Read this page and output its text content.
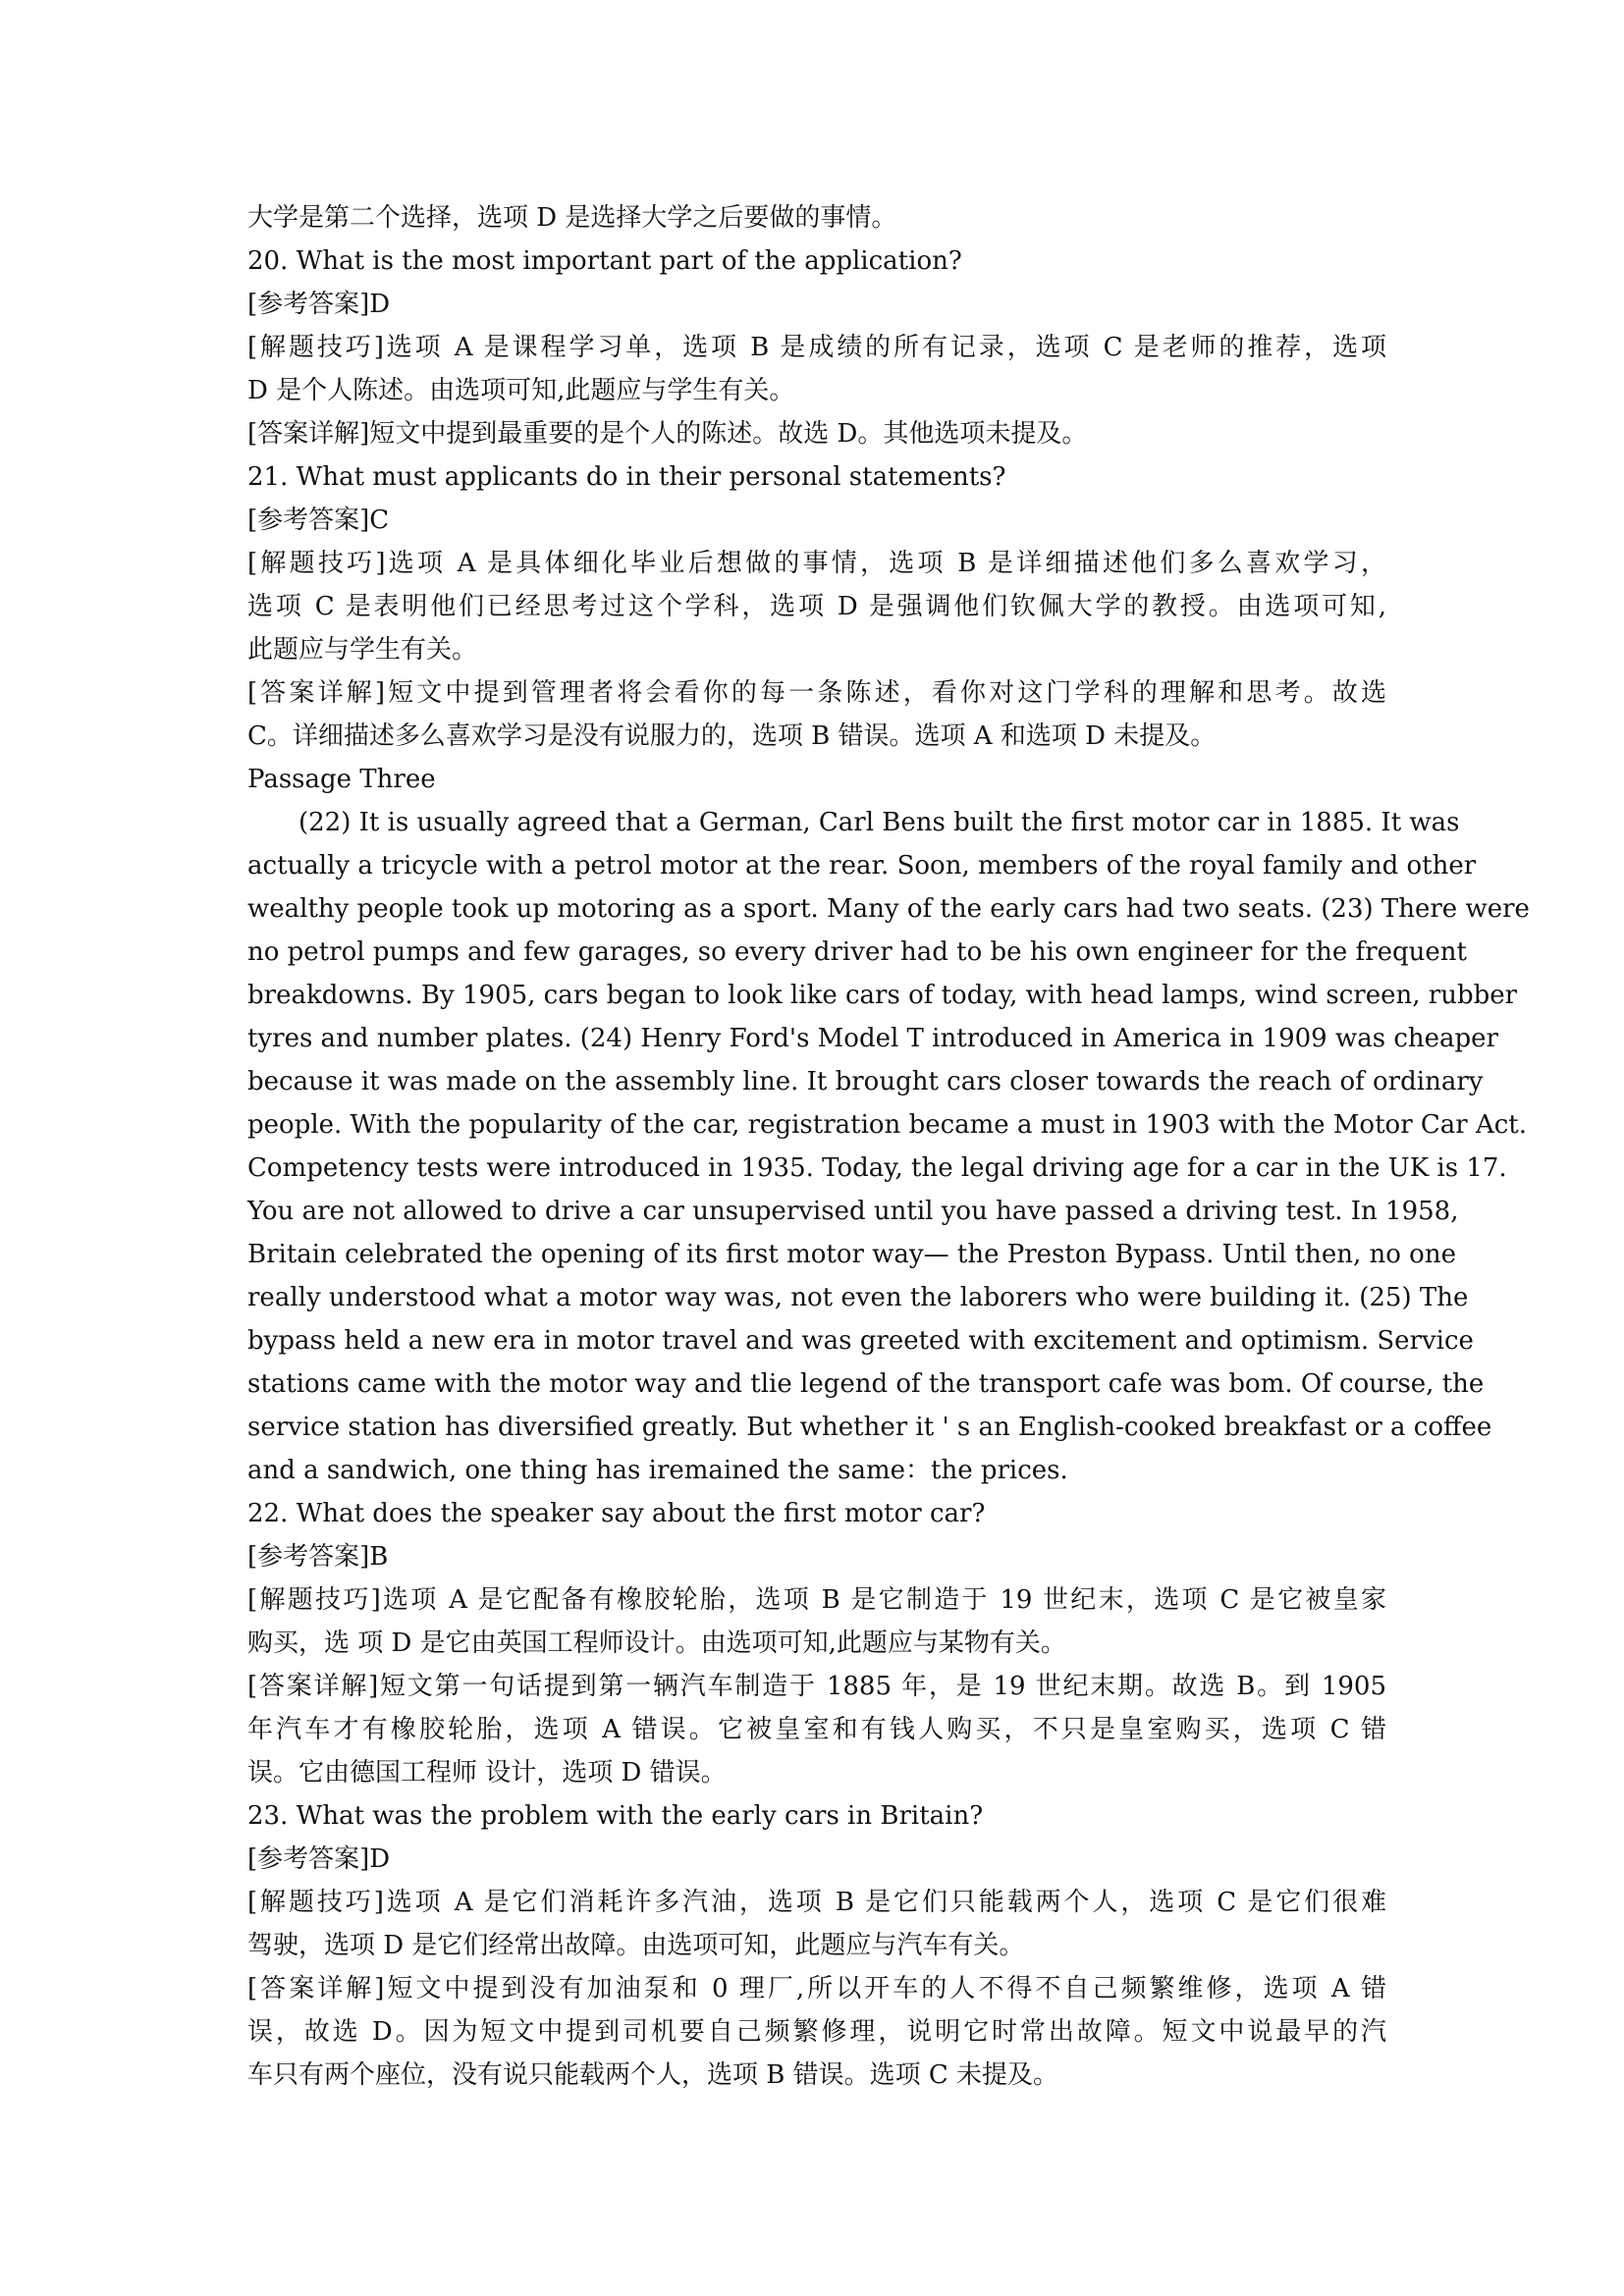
大学是第二个选择，选项 D 是选择大学之后要做的事情。
20. What is the most important part of the application?
[参考答案]D
[解题技巧]选项 A 是课程学习单，选项 B 是成绩的所有记录，选项 C 是老师的推荐，选项
D 是个人陈述。由选项可知,此题应与学生有关。
[答案详解]短文中提到最重要的是个人的陈述。故选 D。其他选项未提及。
21. What must applicants do in their personal statements?
[参考答案]C
[解题技巧]选项 A 是具体细化毕业后想做的事情，选项 B 是详细描述他们多么喜欢学习，
选项 C 是表明他们已经思考过这个学科，选项 D 是强调他们钦佩大学的教授。由选项可知,
此题应与学生有关。
[答案详解]短文中提到管理者将会看你的每一条陈述，看你对这门学科的理解和思考。故选
C。详细描述多么喜欢学习是没有说服力的，选项 B 错误。选项 A 和选项 D 未提及。
Passage Three
(22) It is usually agreed that a German, Carl Bens built the first motor car in 1885. It was
actually a tricycle with a petrol motor at the rear. Soon, members of the royal family and other
wealthy people took up motoring as a sport. Many of the early cars had two seats. (23) There were
no petrol pumps and few garages, so every driver had to be his own engineer for the frequent
breakdowns. By 1905, cars began to look like cars of today, with head lamps, wind screen, rubber
tyres and number plates. (24) Henry Ford's Model T introduced in America in 1909 was cheaper
because it was made on the assembly line. It brought cars closer towards the reach of ordinary
people. With the popularity of the car, registration became a must in 1903 with the Motor Car Act.
Competency tests were introduced in 1935. Today, the legal driving age for a car in the UK is 17.
You are not allowed to drive a car unsupervised until you have passed a driving test. In 1958,
Britain celebrated the opening of its first motor way— the Preston Bypass. Until then, no one
really understood what a motor way was, not even the laborers who were building it. (25) The
bypass held a new era in motor travel and was greeted with excitement and optimism. Service
stations came with the motor way and tlie legend of the transport cafe was bom. Of course, the
service station has diversified greatly. But whether it ' s an English-cooked breakfast or a coffee
and a sandwich, one thing has iremained the same：the prices.
22. What does the speaker say about the first motor car?
[参考答案]B
[解题技巧]选项 A 是它配备有橡胶轮胎，选项 B 是它制造于 19 世纪末，选项 C 是它被皇家
购买，选 项 D 是它由英国工程师设计。由选项可知,此题应与某物有关。
[答案详解]短文第一句话提到第一辆汽车制造于 1885 年，是 19 世纪末期。故选 B。到 1905
年汽车才有橡胶轮胎，选项 A 错误。它被皇室和有钱人购买，不只是皇室购买，选项 C 错
误。它由德国工程师 设计，选项 D 错误。
23. What was the problem with the early cars in Britain?
[参考答案]D
[解题技巧]选项 A 是它们消耗许多汽油，选项 B 是它们只能载两个人，选项 C 是它们很难
驾驶，选项 D 是它们经常出故障。由选项可知，此题应与汽车有关。
[答案详解]短文中提到没有加油泵和 0 理厂,所以开车的人不得不自己频繁维修，选项 A 错
误，故选 D。因为短文中提到司机要自己频繁修理，说明它时常出故障。短文中说最早的汽
车只有两个座位，没有说只能载两个人，选项 B 错误。选项 C 未提及。
